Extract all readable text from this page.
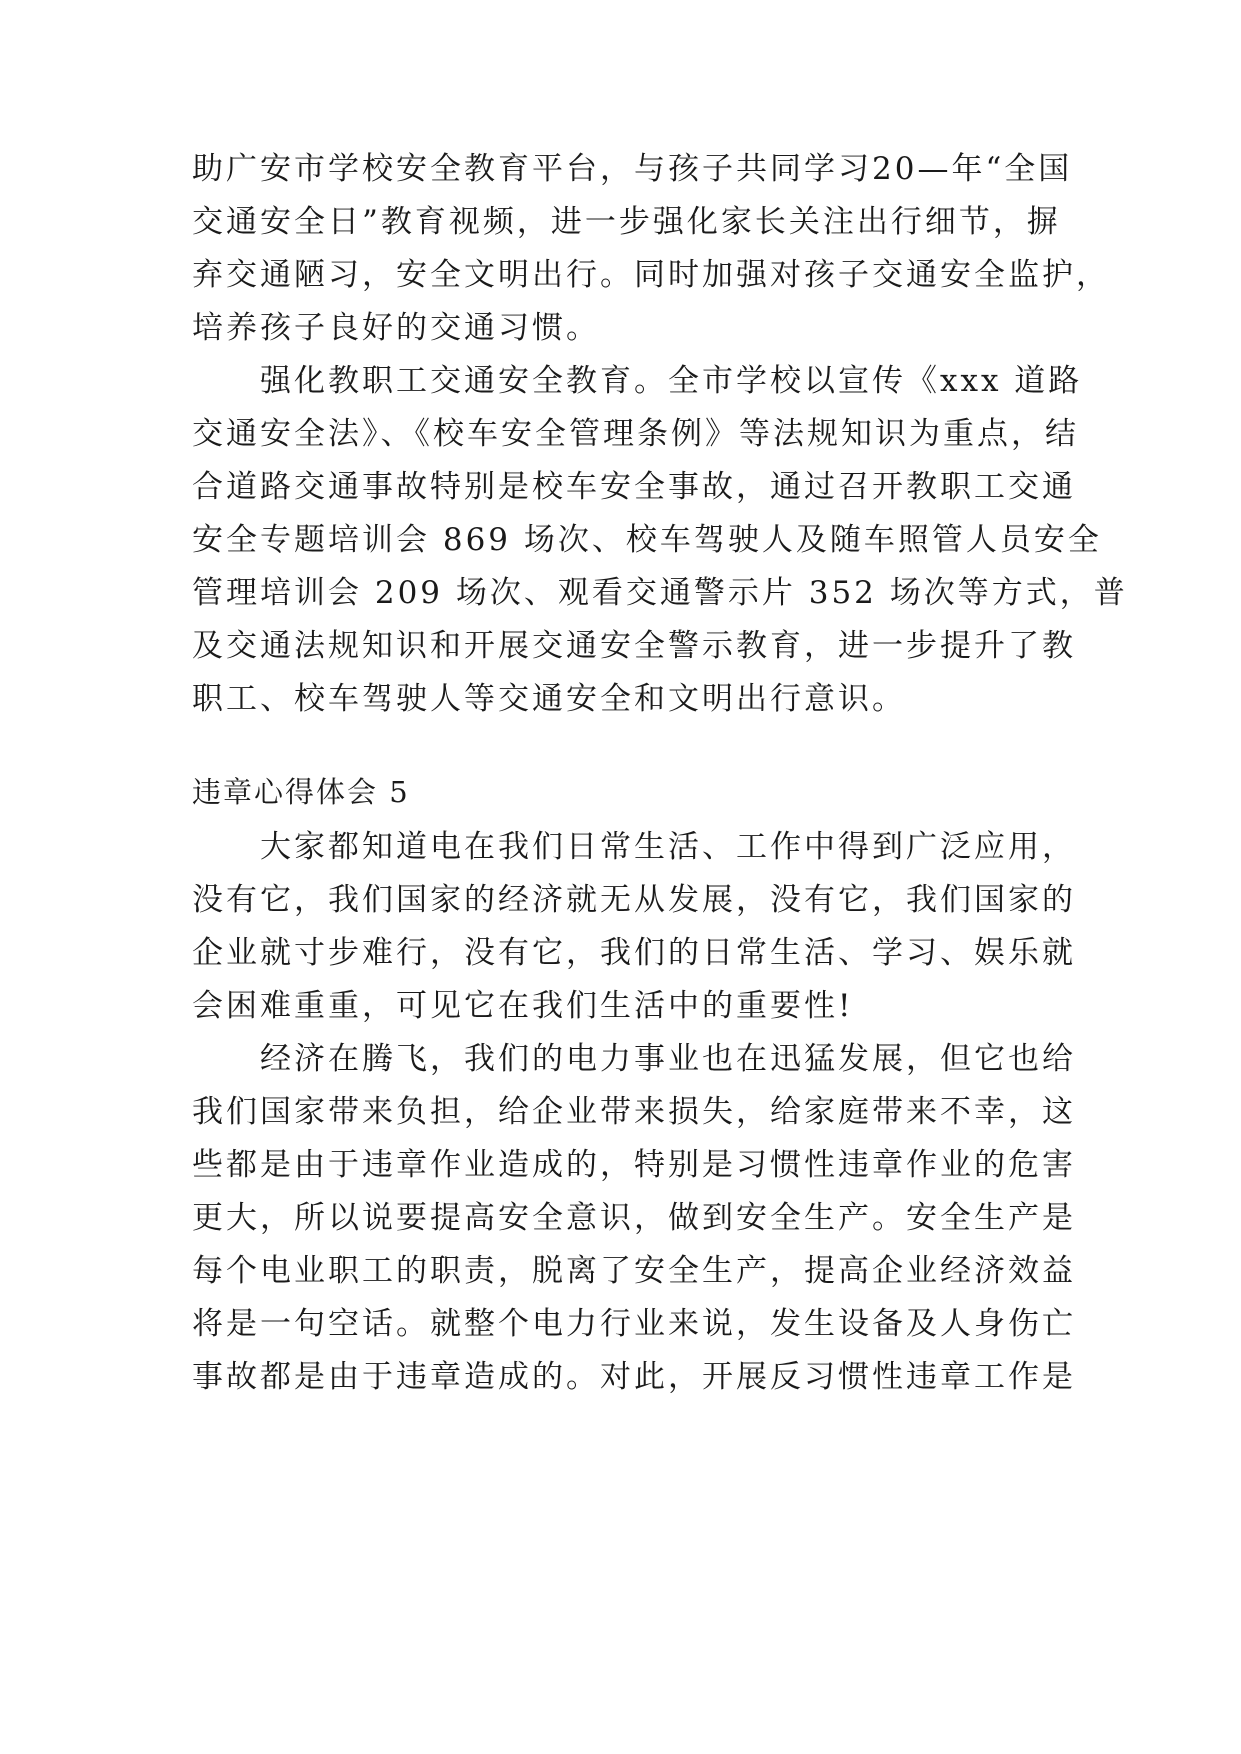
助广安市学校安全教育平台，与孩子共同学习20—年“全国
交通安全日”教育视频，进一步强化家长关注出行细节，摒
弃交通陋习，安全文明出行。同时加强对孩子交通安全监护，
培养孩子良好的交通习惯。
　　强化教职工交通安全教育。全市学校以宣传《xxx 道路
交通安全法》、《校车安全管理条例》等法规知识为重点，结
合道路交通事故特别是校车安全事故，通过召开教职工交通
安全专题培训会 869 场次、校车驾驶人及随车照管人员安全
管理培训会 209 场次、观看交通警示片 352 场次等方式，普
及交通法规知识和开展交通安全警示教育，进一步提升了教
职工、校车驾驶人等交通安全和文明出行意识。
违章心得体会 5
　　大家都知道电在我们日常生活、工作中得到广泛应用，
没有它，我们国家的经济就无从发展，没有它，我们国家的
企业就寸步难行，没有它，我们的日常生活、学习、娱乐就
会困难重重，可见它在我们生活中的重要性!
　　经济在腾飞，我们的电力事业也在迅猛发展，但它也给
我们国家带来负担，给企业带来损失，给家庭带来不幸，这
些都是由于违章作业造成的，特别是习惯性违章作业的危害
更大，所以说要提高安全意识，做到安全生产。安全生产是
每个电业职工的职责，脱离了安全生产，提高企业经济效益
将是一句空话。就整个电力行业来说，发生设备及人身伤亡
事故都是由于违章造成的。对此，开展反习惯性违章工作是
